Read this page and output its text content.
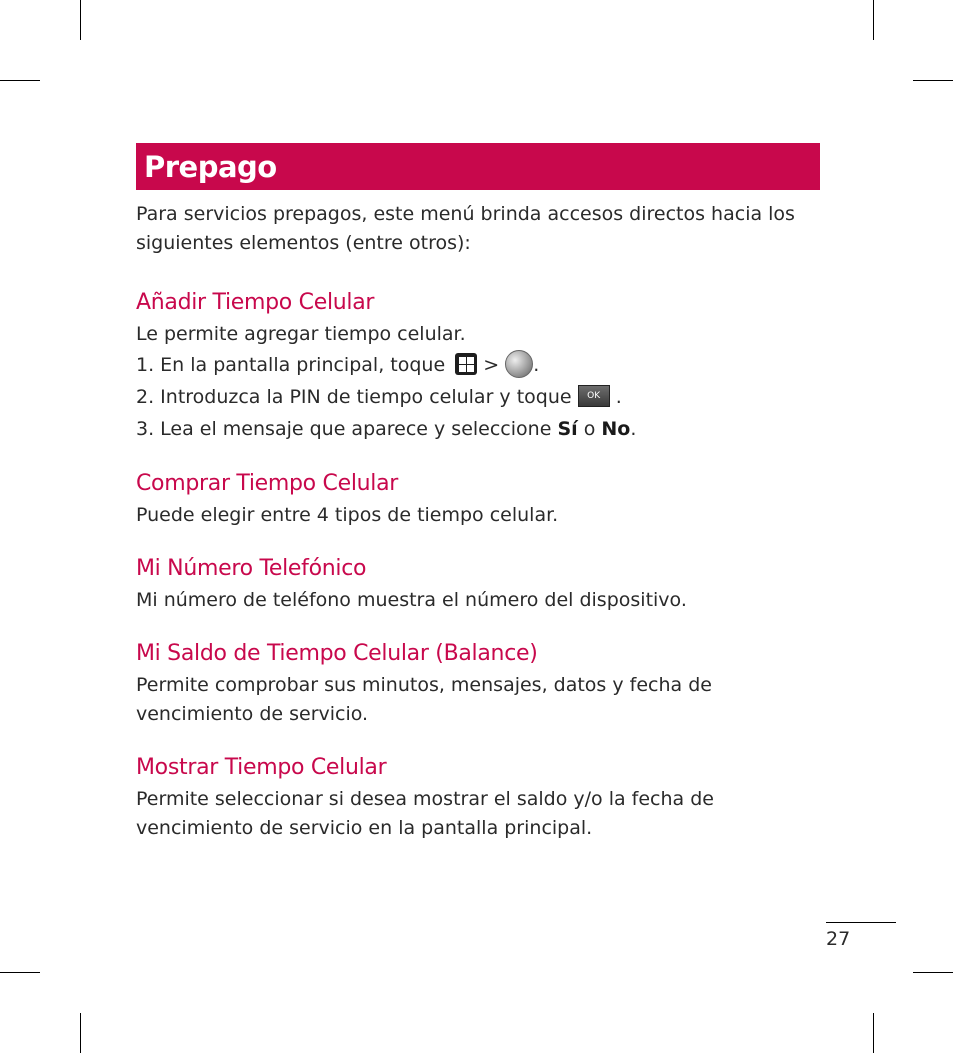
Prepago

Para servicios prepagos, este menú brinda accesos directos hacia los siguientes elementos (entre otros):

Añadir Tiempo Celular

Le permite agregar tiempo celular.

1. En la pantalla principal, toque > .
2. Introduzca la PIN de tiempo celular y toque OK .
3. Lea el mensaje que aparece y seleccione Sí o No.
Comprar Tiempo Celular

Puede elegir entre 4 tipos de tiempo celular.

Mi Número Telefónico

Mi número de teléfono muestra el número del dispositivo.

Mi Saldo de Tiempo Celular (Balance)

Permite comprobar sus minutos, mensajes, datos y fecha de vencimiento de servicio.

Mostrar Tiempo Celular

Permite seleccionar si desea mostrar el saldo y/o la fecha de vencimiento de servicio en la pantalla principal.

27
